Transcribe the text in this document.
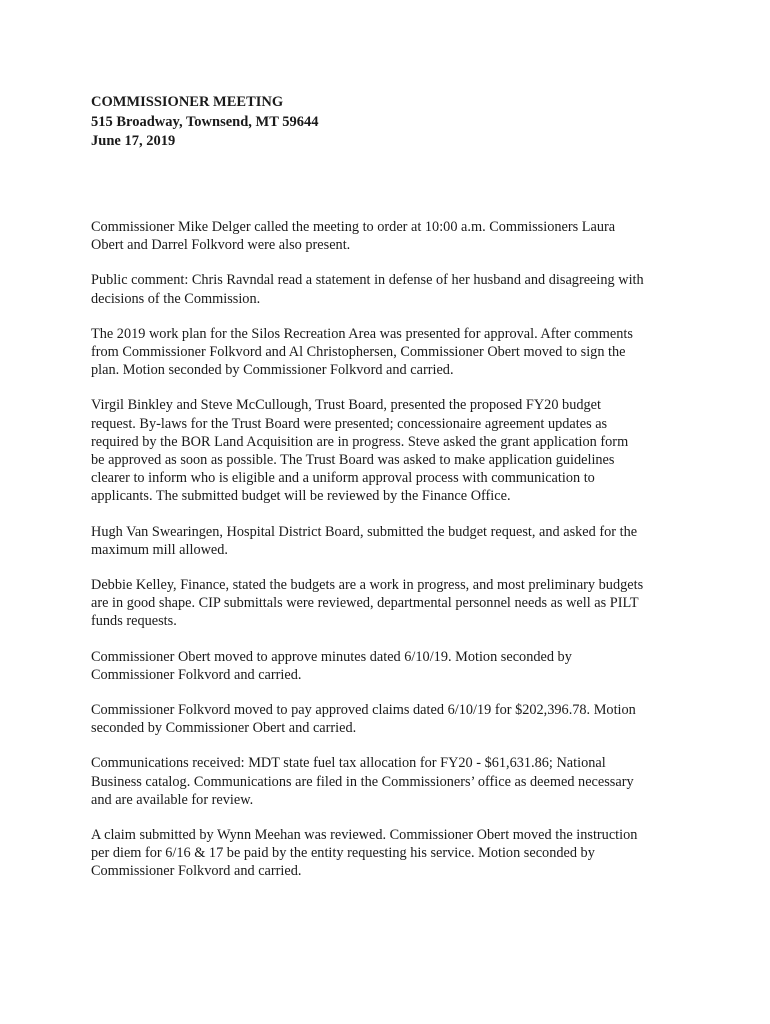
COMMISSIONER MEETING
515 Broadway, Townsend, MT 59644
June 17, 2019
Commissioner Mike Delger called the meeting to order at 10:00 a.m. Commissioners Laura
Obert and Darrel Folkvord were also present.
Public comment: Chris Ravndal read a statement in defense of her husband and disagreeing with
decisions of the Commission.
The 2019 work plan for the Silos Recreation Area was presented for approval. After comments
from Commissioner Folkvord and Al Christophersen, Commissioner Obert moved to sign the
plan. Motion seconded by Commissioner Folkvord and carried.
Virgil Binkley and Steve McCullough, Trust Board, presented the proposed FY20 budget
request. By-laws for the Trust Board were presented; concessionaire agreement updates as
required by the BOR Land Acquisition are in progress. Steve asked the grant application form
be approved as soon as possible. The Trust Board was asked to make application guidelines
clearer to inform who is eligible and a uniform approval process with communication to
applicants. The submitted budget will be reviewed by the Finance Office.
Hugh Van Swearingen, Hospital District Board, submitted the budget request, and asked for the
maximum mill allowed.
Debbie Kelley, Finance, stated the budgets are a work in progress, and most preliminary budgets
are in good shape. CIP submittals were reviewed, departmental personnel needs as well as PILT
funds requests.
Commissioner Obert moved to approve minutes dated 6/10/19. Motion seconded by
Commissioner Folkvord and carried.
Commissioner Folkvord moved to pay approved claims dated 6/10/19 for $202,396.78. Motion
seconded by Commissioner Obert and carried.
Communications received: MDT state fuel tax allocation for FY20 - $61,631.86; National
Business catalog. Communications are filed in the Commissioners’ office as deemed necessary
and are available for review.
A claim submitted by Wynn Meehan was reviewed. Commissioner Obert moved the instruction
per diem for 6/16 & 17 be paid by the entity requesting his service. Motion seconded by
Commissioner Folkvord and carried.
